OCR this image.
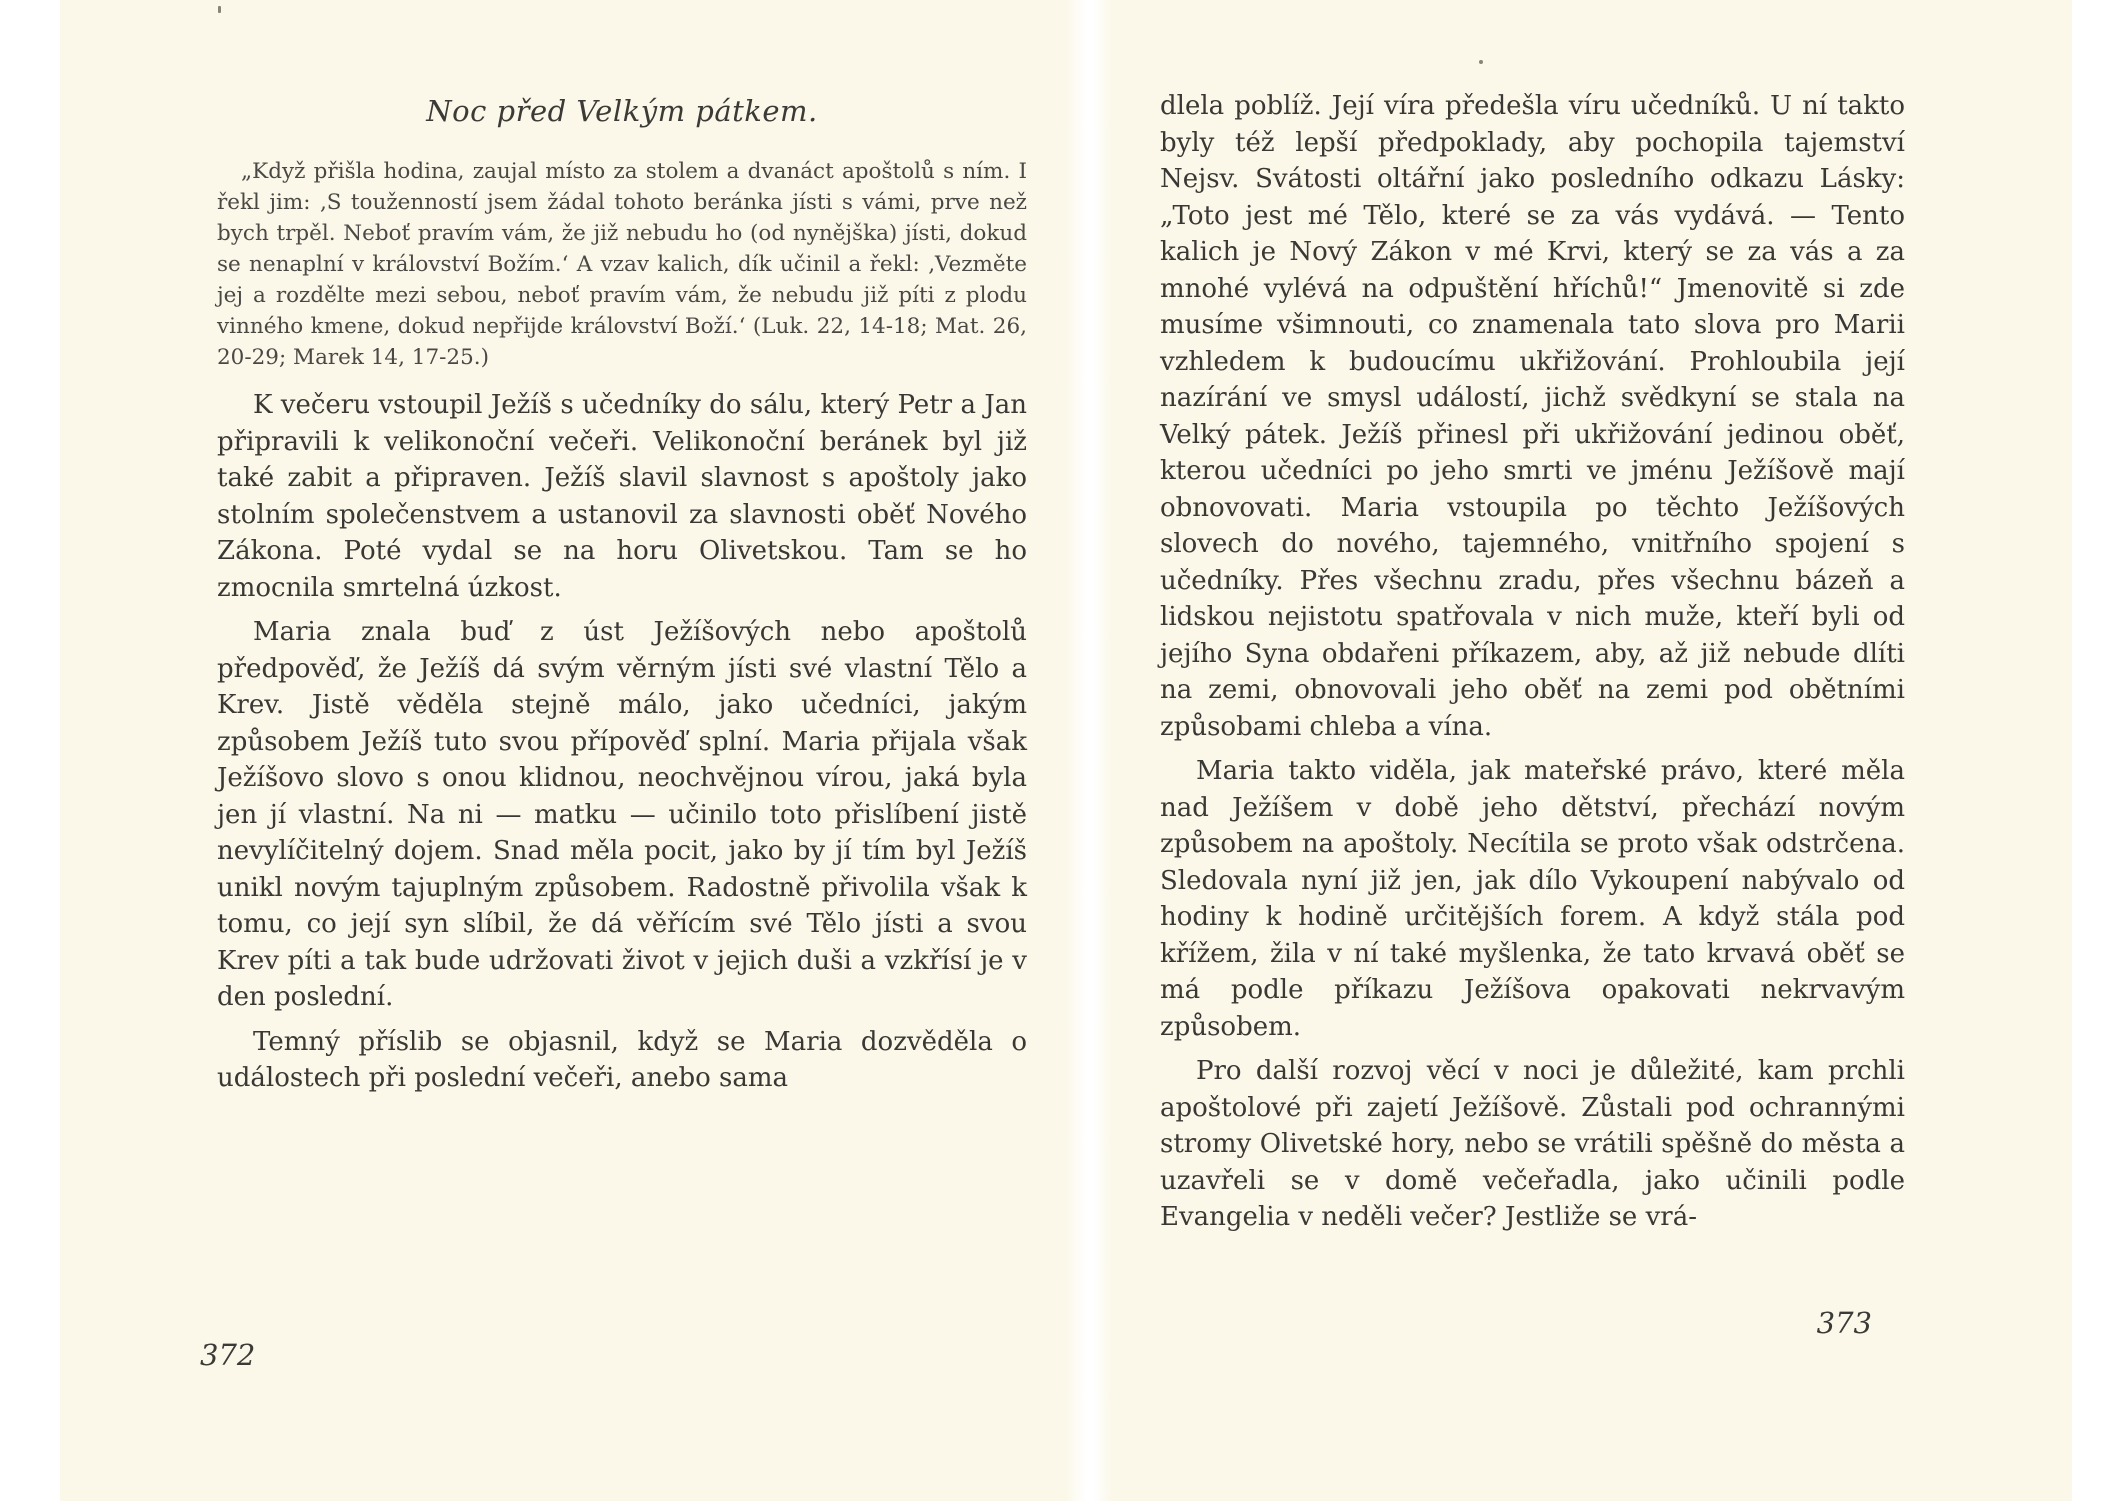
Noc před Velkým pátkem.

„Když přišla hodina, zaujal místo za stolem a dvanáct apoštolů s ním. I řekl jim: ‚S touženností jsem žádal tohoto beránka jísti s vámi, prve než bych trpěl. Neboť pravím vám, že již nebudu ho (od nynějška) jísti, dokud se nenaplní v království Božím.‘ A vzav kalich, dík učinil a řekl: ‚Vezměte jej a rozdělte mezi sebou, neboť pravím vám, že nebudu již píti z plodu vinného kmene, dokud nepřijde království Boží.‘ (Luk. 22, 14-18; Mat. 26, 20-29; Marek 14, 17-25.)

K večeru vstoupil Ježíš s učedníky do sálu, který Petr a Jan připravili k velikonoční večeři. Velikonoční beránek byl již také zabit a připraven. Ježíš slavil slavnost s apoštoly jako stolním společenstvem a ustanovil za slavnosti oběť Nového Zákona. Poté vydal se na horu Olivetskou. Tam se ho zmocnila smrtelná úzkost.

Maria znala buď z úst Ježíšových nebo apoštolů předpověď, že Ježíš dá svým věrným jísti své vlastní Tělo a Krev. Jistě věděla stejně málo, jako učedníci, jakým způsobem Ježíš tuto svou přípověď splní. Maria přijala však Ježíšovo slovo s onou klidnou, neochvějnou vírou, jaká byla jen jí vlastní. Na ni — matku — učinilo toto přislíbení jistě nevylíčitelný dojem. Snad měla pocit, jako by jí tím byl Ježíš unikl novým tajuplným způsobem. Radostně přivolila však k tomu, co její syn slíbil, že dá věřícím své Tělo jísti a svou Krev píti a tak bude udržovati život v jejich duši a vzkřísí je v den poslední.

Temný příslib se objasnil, když se Maria dozvěděla o událostech při poslední večeři, anebo sama

372

dlela poblíž. Její víra předešla víru učedníků. U ní takto byly též lepší předpoklady, aby pochopila tajemství Nejsv. Svátosti oltářní jako posledního odkazu Lásky: „Toto jest mé Tělo, které se za vás vydává. — Tento kalich je Nový Zákon v mé Krvi, který se za vás a za mnohé vylévá na odpuštění hříchů!“ Jmenovitě si zde musíme všimnouti, co znamenala tato slova pro Marii vzhledem k budoucímu ukřižování. Prohloubila její nazírání ve smysl událostí, jichž svědkyní se stala na Velký pátek. Ježíš přinesl při ukřižování jedinou oběť, kterou učedníci po jeho smrti ve jménu Ježíšově mají obnovovati. Maria vstoupila po těchto Ježíšových slovech do nového, tajemného, vnitřního spojení s učedníky. Přes všechnu zradu, přes všechnu bázeň a lidskou nejistotu spatřovala v nich muže, kteří byli od jejího Syna obdařeni příkazem, aby, až již nebude dlíti na zemi, obnovovali jeho oběť na zemi pod obětními způsobami chleba a vína.

Maria takto viděla, jak mateřské právo, které měla nad Ježíšem v době jeho dětství, přechází novým způsobem na apoštoly. Necítila se proto však odstrčena. Sledovala nyní již jen, jak dílo Vykoupení nabývalo od hodiny k hodině určitějších forem. A když stála pod křížem, žila v ní také myšlenka, že tato krvavá oběť se má podle příkazu Ježíšova opakovati nekrvavým způsobem.

Pro další rozvoj věcí v noci je důležité, kam prchli apoštolové při zajetí Ježíšově. Zůstali pod ochrannými stromy Olivetské hory, nebo se vrátili spěšně do města a uzavřeli se v domě večeřadla, jako učinili podle Evangelia v neděli večer? Jestliže se vrá-

373
